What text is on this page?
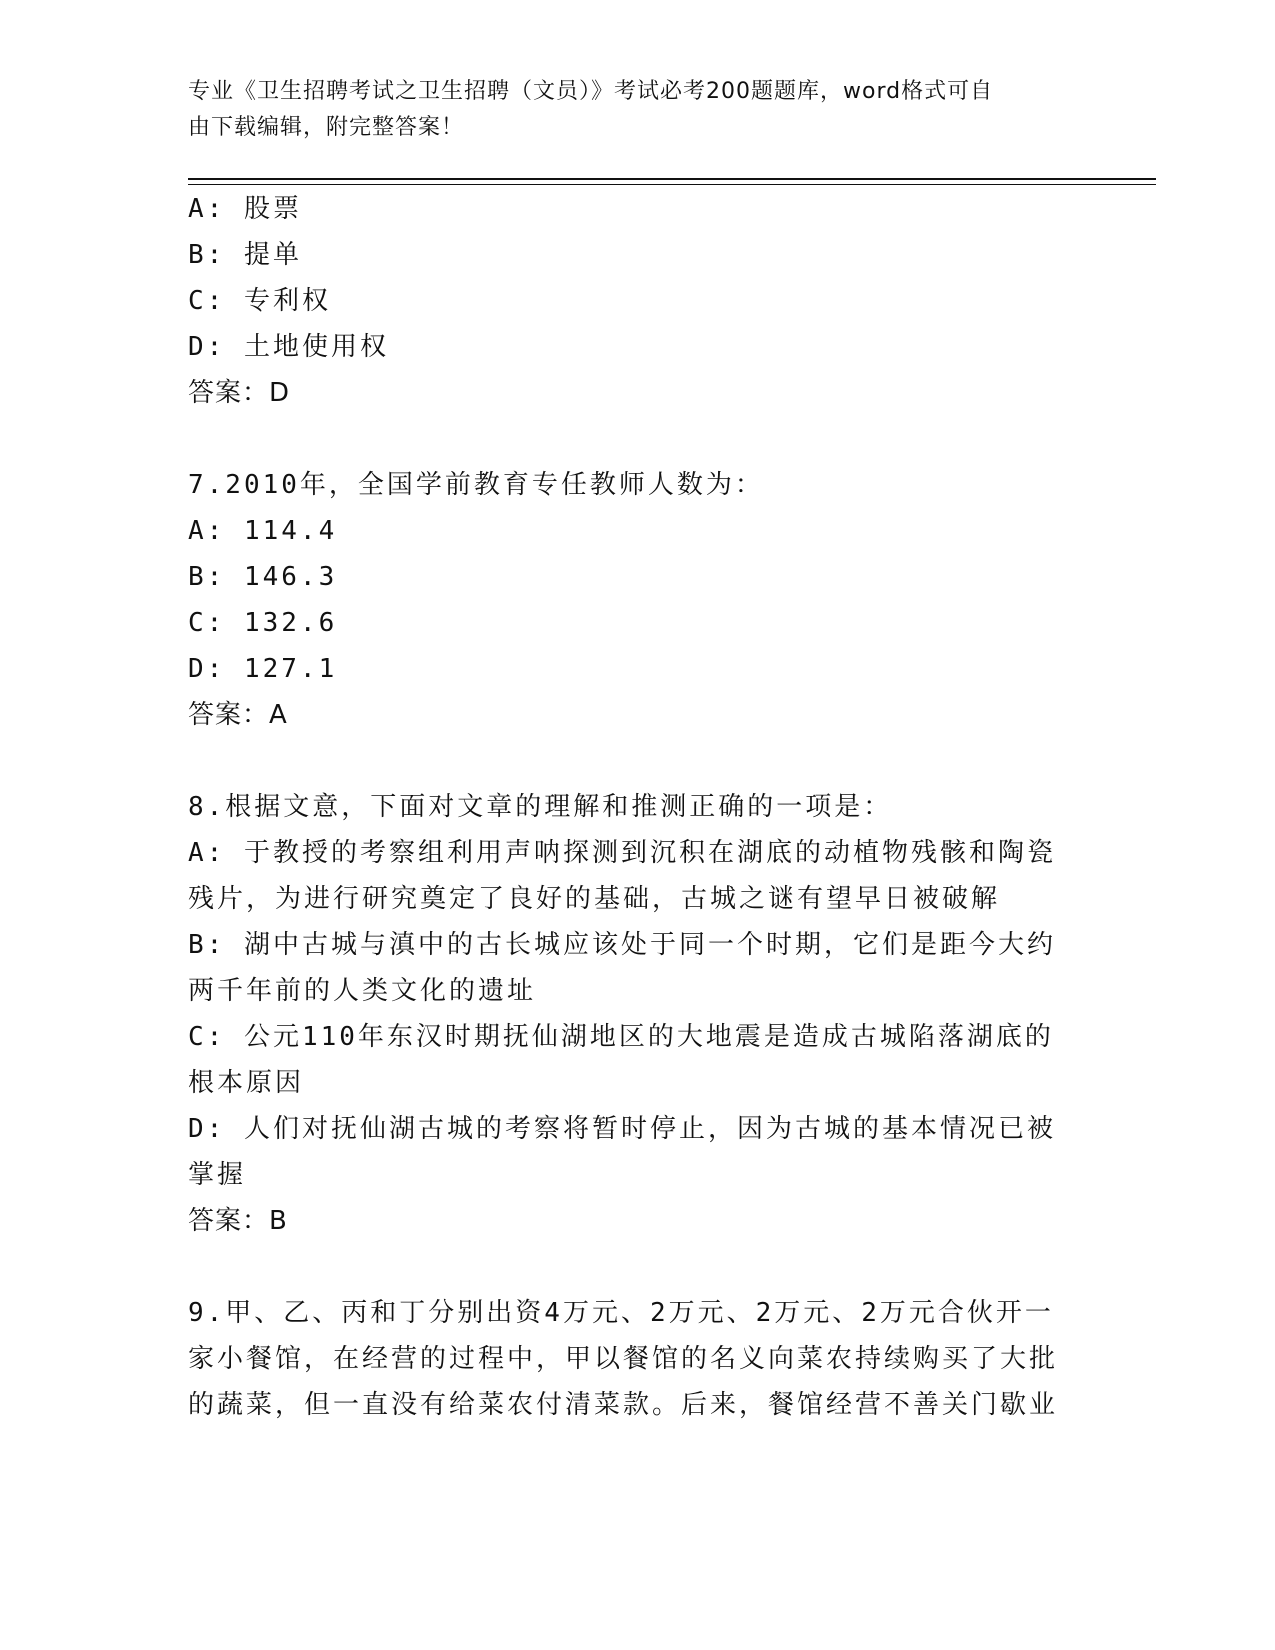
专业《卫生招聘考试之卫生招聘（文员）》考试必考200题题库，word格式可自
由下载编辑，附完整答案！
A: 股票
B: 提单
C: 专利权
D: 土地使用权
答案：D
7.2010年，全国学前教育专任教师人数为：
A: 114.4
B: 146.3
C: 132.6
D: 127.1
答案：A
8.根据文意，下面对文章的理解和推测正确的一项是：
A: 于教授的考察组利用声呐探测到沉积在湖底的动植物残骸和陶瓷残片，为进行研究奠定了良好的基础，古城之谜有望早日被破解
B: 湖中古城与滇中的古长城应该处于同一个时期，它们是距今大约两千年前的人类文化的遗址
C: 公元110年东汉时期抚仙湖地区的大地震是造成古城陷落湖底的根本原因
D: 人们对抚仙湖古城的考察将暂时停止，因为古城的基本情况已被掌握
答案：B
9.甲、乙、丙和丁分别出资4万元、2万元、2万元、2万元合伙开一家小餐馆，在经营的过程中，甲以餐馆的名义向菜农持续购买了大批的蔬菜，但一直没有给菜农付清菜款。后来，餐馆经营不善关门歇业
